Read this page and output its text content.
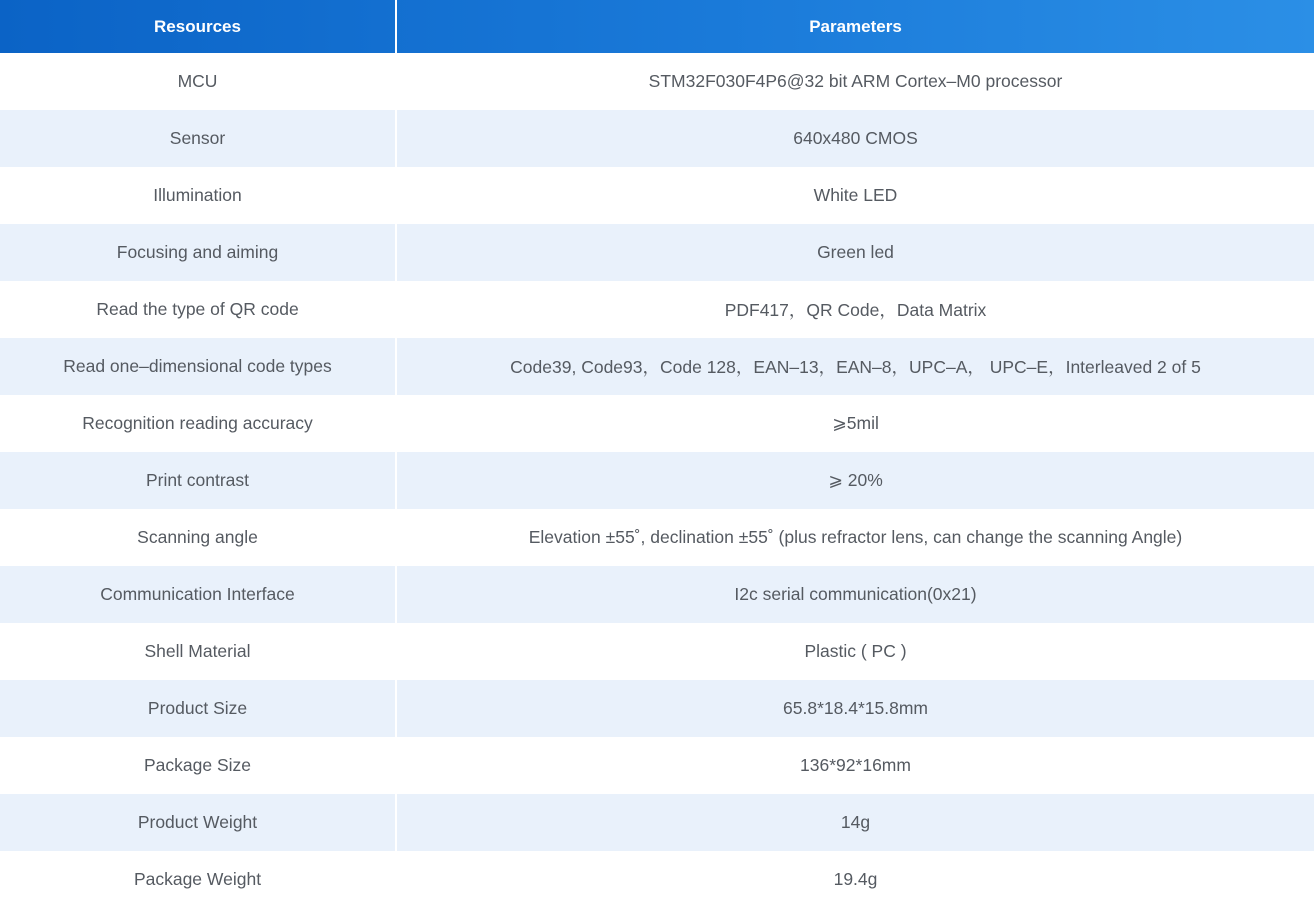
Resources	Parameters
MCU	STM32F030F4P6@32 bit ARM Cortex–M0 processor
Sensor	640x480 CMOS
Illumination	White LED
Focusing and aiming	Green led
Read the type of QR code	PDF417，QR Code，Data Matrix
Read one–dimensional code types	Code39, Code93，Code 128，EAN–13，EAN–8，UPC–A， UPC–E，Interleaved 2 of 5
Recognition reading accuracy	⩾5mil
Print contrast	⩾ 20%
Scanning angle	Elevation ±55˚, declination ±55˚ (plus refractor lens, can change the scanning Angle)
Communication Interface	I2c serial communication(0x21)
Shell Material	Plastic ( PC )
Product Size	65.8*18.4*15.8mm
Package Size	136*92*16mm
Product Weight	14g
Package Weight	19.4g
